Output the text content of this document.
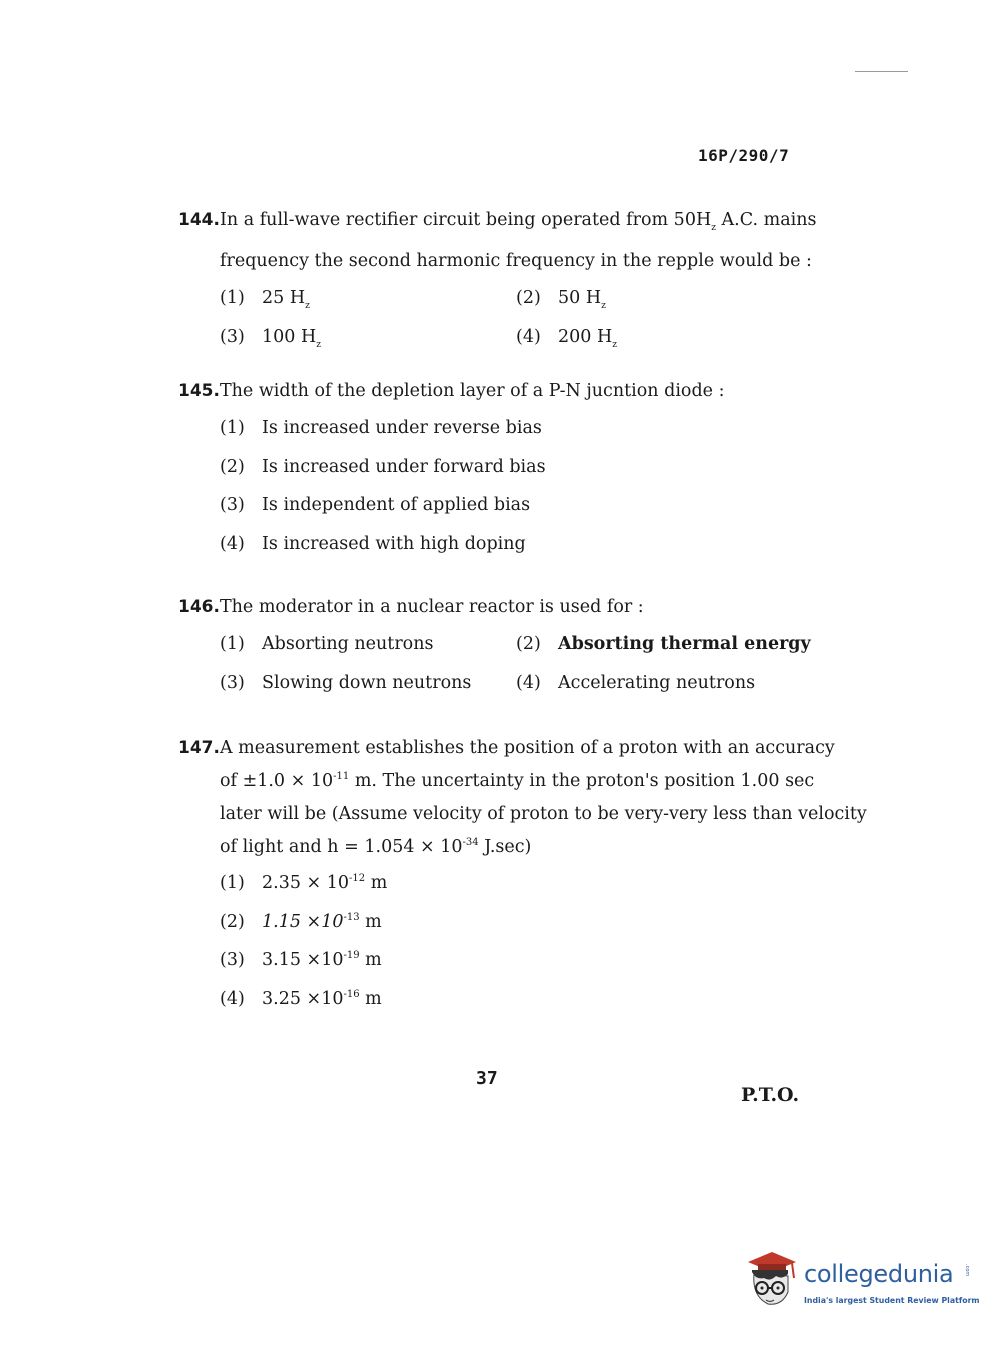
16P/290/7
144.In a full-wave rectifier circuit being operated from $50H_z$ A.C. mains
frequency the second harmonic frequency in the repple would be :
(1) 25 $H_z$	(2) 50 $H_z$
(3) 100 $H_z$	(4) 200 $H_z$
145.The width of the depletion layer of a P-N jucntion diode :
(1) Is increased under reverse bias
(2) Is increased under forward bias
(3) Is independent of applied bias
(4) Is increased with high doping
146.The moderator in a nuclear reactor is used for :
(1) Absorting neutrons	(2) Absorting thermal energy
(3) Slowing down neutrons	(4) Accelerating neutrons
147.A measurement establishes the position of a proton with an accuracy
of $\pm 1.0 \times 10^{-11}$ m. The uncertainty in the proton's position 1.00 sec
later will be (Assume velocity of proton to be very-very less than velocity
of light and $h = 1.054 \times 10^{-34}$ J.sec)
(1) $2.35 \times 10^{-12}$ m
(2) $1.15 \times 10^{-13}$ m
(3) $3.15 \times 10^{-19}$ m
(4) $3.25 \times 10^{-16}$ m
37
P.T.O.
collegedunia .com
India's largest Student Review Platform
